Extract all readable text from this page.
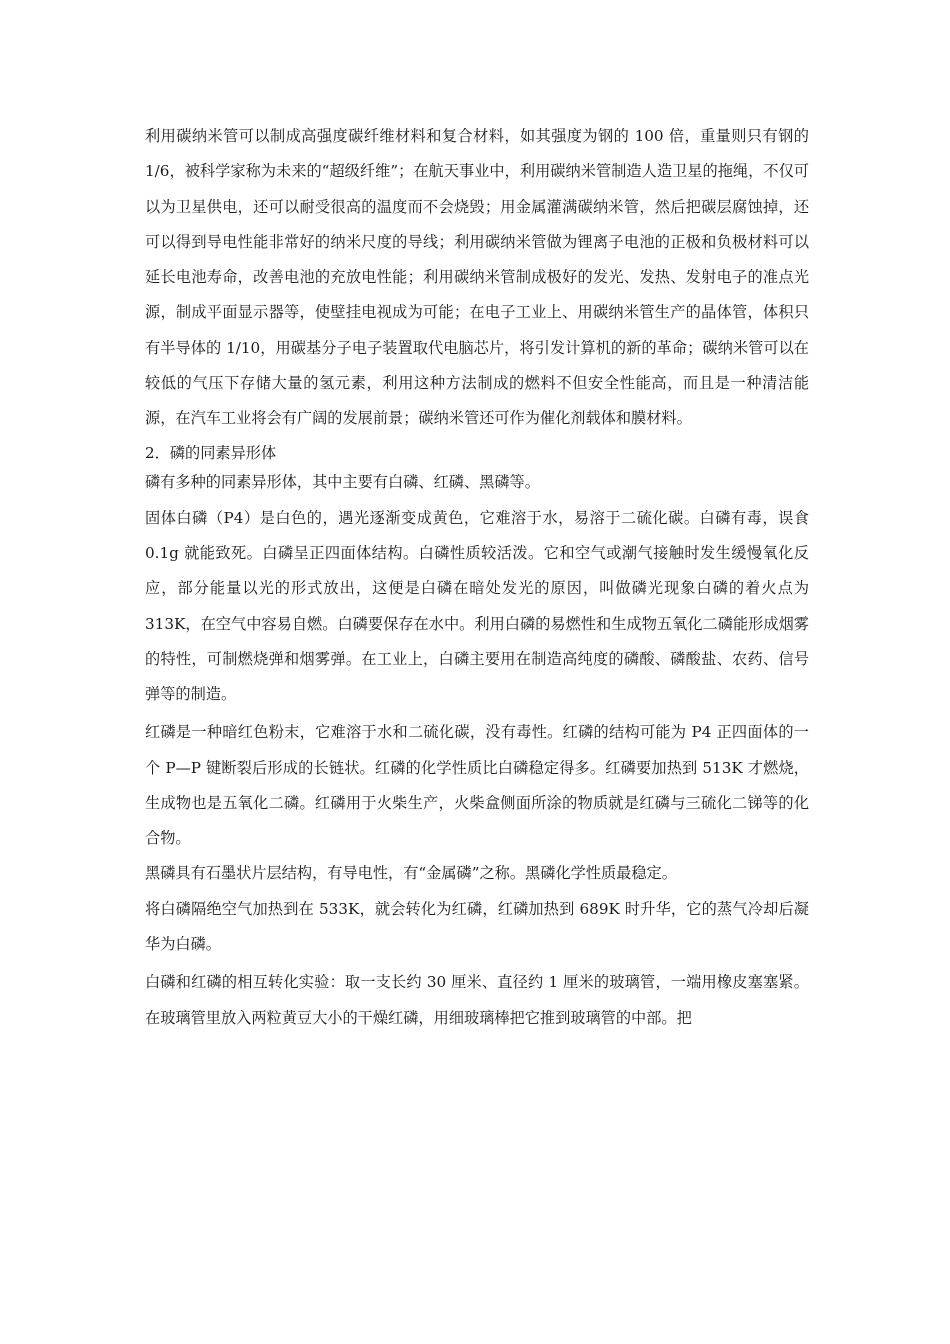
利用碳纳米管可以制成高强度碳纤维材料和复合材料，如其强度为钢的 100 倍，重量则只有钢的 1/6，被科学家称为未来的“超级纤维”；在航天事业中，利用碳纳米管制造人造卫星的拖绳，不仅可以为卫星供电，还可以耐受很高的温度而不会烧毁；用金属灌满碳纳米管，然后把碳层腐蚀掉，还可以得到导电性能非常好的纳米尺度的导线；利用碳纳米管做为锂离子电池的正极和负极材料可以延长电池寿命，改善电池的充放电性能；利用碳纳米管制成极好的发光、发热、发射电子的准点光源，制成平面显示器等，使壁挂电视成为可能；在电子工业上、用碳纳米管生产的晶体管，体积只有半导体的 1/10，用碳基分子电子装置取代电脑芯片，将引发计算机的新的革命；碳纳米管可以在较低的气压下存储大量的氢元素，利用这种方法制成的燃料不但安全性能高，而且是一种清洁能源，在汽车工业将会有广阔的发展前景；碳纳米管还可作为催化剂载体和膜材料。

2．磷的同素异形体

磷有多种的同素异形体，其中主要有白磷、红磷、黑磷等。

固体白磷（P4）是白色的，遇光逐渐变成黄色，它难溶于水，易溶于二硫化碳。白磷有毒，误食 0.1g 就能致死。白磷呈正四面体结构。白磷性质较活泼。它和空气或潮气接触时发生缓慢氧化反应，部分能量以光的形式放出，这便是白磷在暗处发光的原因，叫做磷光现象白磷的着火点为 313K，在空气中容易自燃。白磷要保存在水中。利用白磷的易燃性和生成物五氧化二磷能形成烟雾的特性，可制燃烧弹和烟雾弹。在工业上，白磷主要用在制造高纯度的磷酸、磷酸盐、农药、信号弹等的制造。

红磷是一种暗红色粉末，它难溶于水和二硫化碳，没有毒性。红磷的结构可能为 P4 正四面体的一个 P—P 键断裂后形成的长链状。红磷的化学性质比白磷稳定得多。红磷要加热到 513K 才燃烧，生成物也是五氧化二磷。红磷用于火柴生产，火柴盒侧面所涂的物质就是红磷与三硫化二锑等的化合物。

黑磷具有石墨状片层结构，有导电性，有“金属磷”之称。黑磷化学性质最稳定。

将白磷隔绝空气加热到在 533K，就会转化为红磷，红磷加热到 689K 时升华，它的蒸气冷却后凝华为白磷。

白磷和红磷的相互转化实验：取一支长约 30 厘米、直径约 1 厘米的玻璃管，一端用橡皮塞塞紧。在玻璃管里放入两粒黄豆大小的干燥红磷，用细玻璃棒把它推到玻璃管的中部。把
